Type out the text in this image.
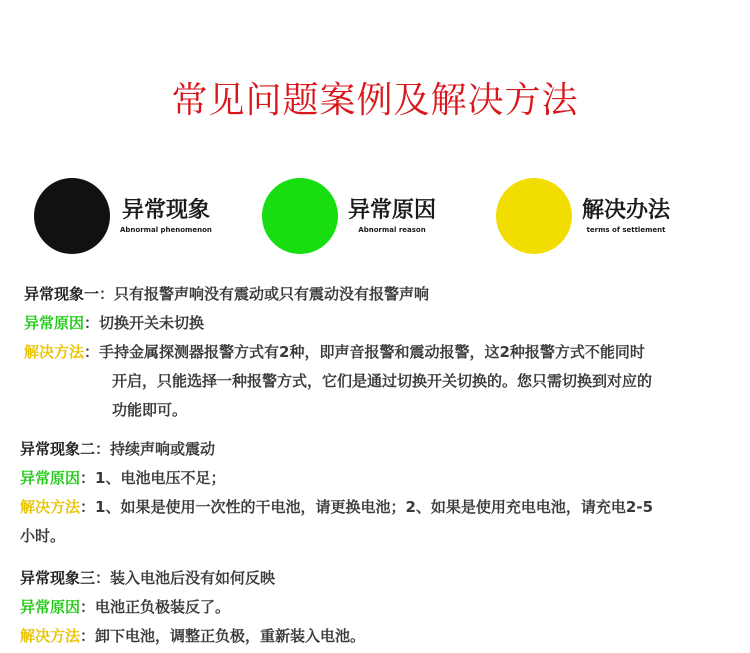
常见问题案例及解决方法
异常现象
Abnormal phenomenon
异常原因
Abnormal reason
解决办法
terms of settlement
异常现象一：只有报警声响没有震动或只有震动没有报警声响
异常原因：切换开关未切换
解决方法：手持金属探测器报警方式有2种，即声音报警和震动报警，这2种报警方式不能同时
开启，只能选择一种报警方式，它们是通过切换开关切换的。您只需切换到对应的
功能即可。
异常现象二：持续声响或震动
异常原因：1、电池电压不足；
解决方法：1、如果是使用一次性的干电池，请更换电池；2、如果是使用充电电池，请充电2-5
小时。
异常现象三：装入电池后没有如何反映
异常原因：电池正负极装反了。
解决方法：卸下电池，调整正负极，重新装入电池。
